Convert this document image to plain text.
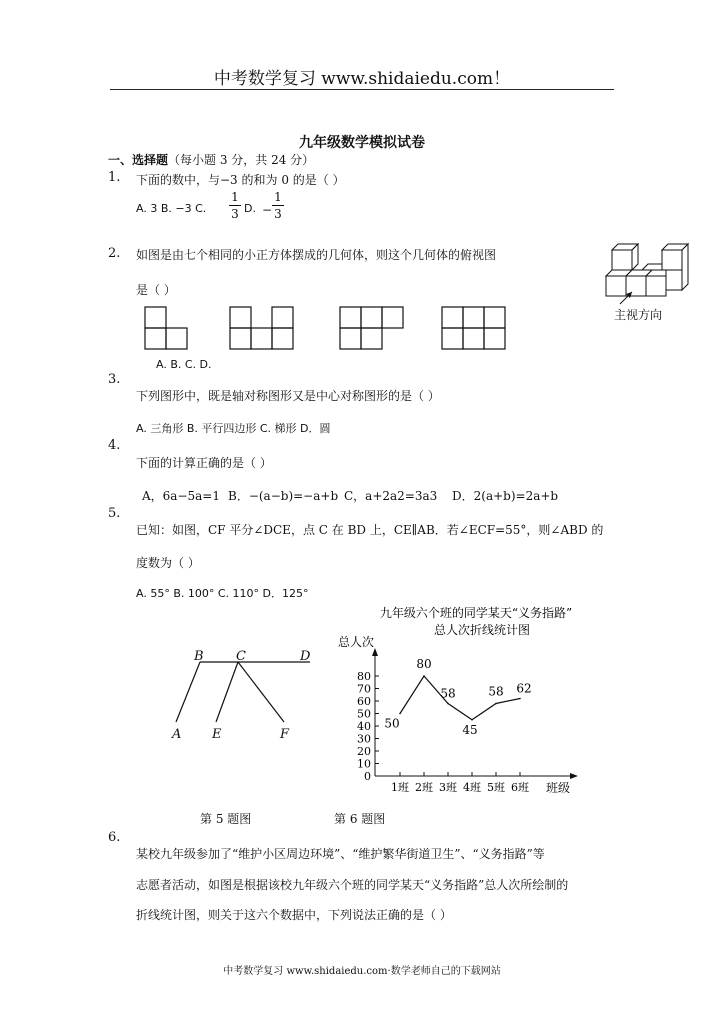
中考数学复习 www.shidaiedu.com！
九年级数学模拟试卷
一、选择题（每小题 3 分，共 24 分）
1. 下面的数中，与−3 的和为 0 的是（ ）
A. 3 B. −3 C.
1
3 D. −
1
3
2. 如图是由七个相同的小正方体摆成的几何体，则这个几何体的俯视图
是（ ）
A. B. C. D.
主视方向
3.
下列图形中，既是轴对称图形又是中心对称图形的是（ ）
A. 三角形 B. 平行四边形 C. 梯形 D．圆
4.
下面的计算正确的是（ ）
A，6a−5a=1 B．−(a−b)=−a+b C，a+2a2=3a3 D．2(a+b)=2a+b
5.
已知：如图，CF 平分∠DCE，点 C 在 BD 上，CE∥AB．若∠ECF=55°，则∠ABD 的
度数为（ ）
A. 55° B. 100° C. 110° D．125°
B C	D
A E	F
九年级六个班的同学某天“义务指路”
总人次折线统计图
总人次
班级
0
10
20
30
40
50
60
70
80
1班 2班 3班 4班 5班 6班
50
80
58
45
58 62
第 5 题图	第 6 题图
6.
某校九年级参加了“维护小区周边环境”、“维护繁华街道卫生”、“义务指路”等
志愿者活动，如图是根据该校九年级六个班的同学某天“义务指路”总人次所绘制的
折线统计图，则关于这六个数据中，下列说法正确的是（ ）
中考数学复习 www.shidaiedu.com·数学老师自己的下载网站
